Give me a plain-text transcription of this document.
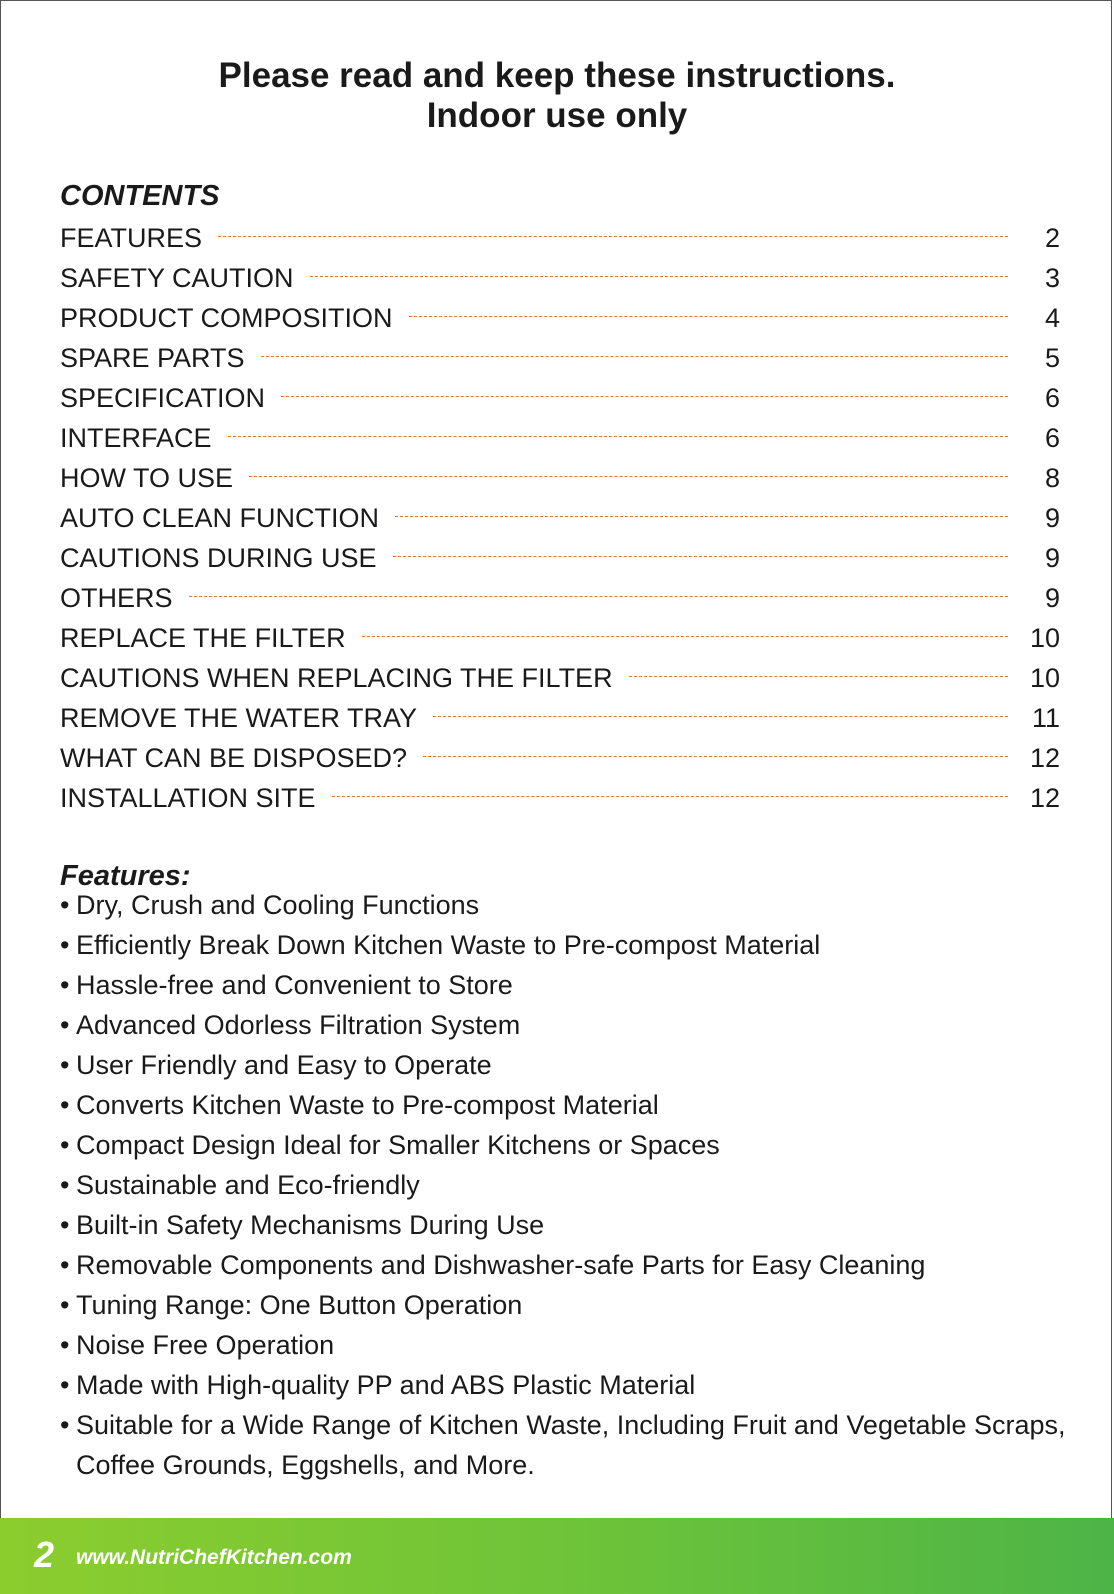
Please read and keep these instructions.
Indoor use only
CONTENTS
FEATURES	2
SAFETY CAUTION	3
PRODUCT COMPOSITION	4
SPARE PARTS	5
SPECIFICATION	6
INTERFACE	6
HOW TO USE	8
AUTO CLEAN FUNCTION	9
CAUTIONS DURING USE	9
OTHERS	9
REPLACE THE FILTER	10
CAUTIONS WHEN REPLACING THE FILTER	10
REMOVE THE WATER TRAY	11
WHAT CAN BE DISPOSED?	12
INSTALLATION SITE	12
Features:
• Dry, Crush and Cooling Functions
• Efficiently Break Down Kitchen Waste to Pre-compost Material
• Hassle-free and Convenient to Store
• Advanced Odorless Filtration System
• User Friendly and Easy to Operate
• Converts Kitchen Waste to Pre-compost Material
• Compact Design Ideal for Smaller Kitchens or Spaces
• Sustainable and Eco-friendly
• Built-in Safety Mechanisms During Use
• Removable Components and Dishwasher-safe Parts for Easy Cleaning
• Tuning Range: One Button Operation
• Noise Free Operation
• Made with High-quality PP and ABS Plastic Material
• Suitable for a Wide Range of Kitchen Waste, Including Fruit and Vegetable Scraps, Coffee Grounds, Eggshells, and More.
2 www.NutriChefKitchen.com
